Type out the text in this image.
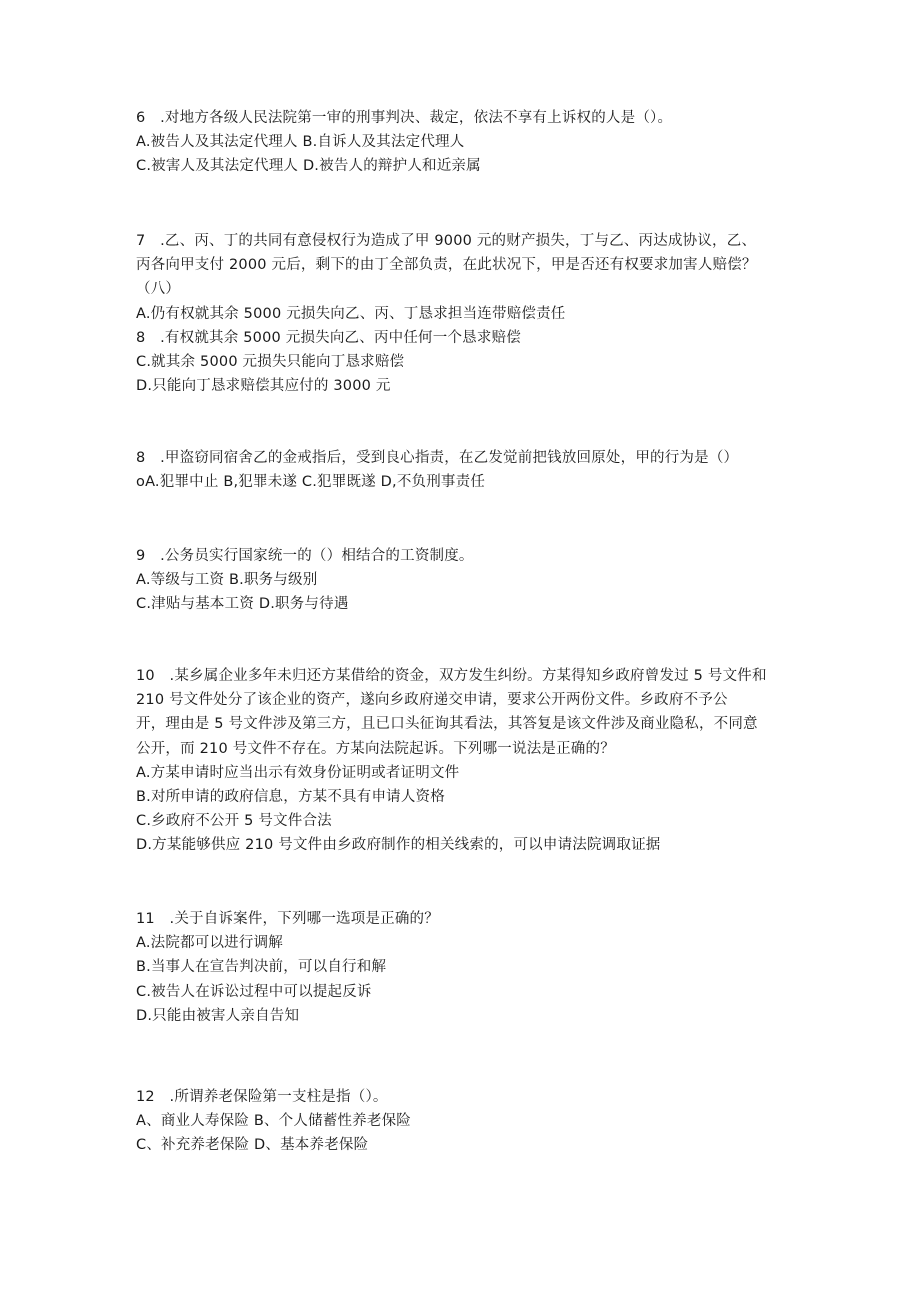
6　.对地方各级人民法院第一审的刑事判决、裁定，依法不享有上诉权的人是（）。
A.被告人及其法定代理人 B.自诉人及其法定代理人
C.被害人及其法定代理人 D.被告人的辩护人和近亲属
7　.乙、丙、丁的共同有意侵权行为造成了甲 9000 元的财产损失，丁与乙、丙达成协议，乙、
丙各向甲支付 2000 元后，剩下的由丁全部负责，在此状况下，甲是否还有权要求加害人赔偿？
（八）
A.仍有权就其余 5000 元损失向乙、丙、丁恳求担当连带赔偿责任
8　.有权就其余 5000 元损失向乙、丙中任何一个恳求赔偿
C.就其余 5000 元损失只能向丁恳求赔偿
D.只能向丁恳求赔偿其应付的 3000 元
8　.甲盗窃同宿舍乙的金戒指后，受到良心指责，在乙发觉前把钱放回原处，甲的行为是（）
oA.犯罪中止 B,犯罪未遂 C.犯罪既遂 D,不负刑事责任
9　.公务员实行国家统一的（）相结合的工资制度。
A.等级与工资 B.职务与级别
C.津贴与基本工资 D.职务与待遇
10　.某乡属企业多年未归还方某借给的资金，双方发生纠纷。方某得知乡政府曾发过 5 号文件和
210 号文件处分了该企业的资产，遂向乡政府递交申请，要求公开两份文件。乡政府不予公
开，理由是 5 号文件涉及第三方，且已口头征询其看法，其答复是该文件涉及商业隐私，不同意
公开，而 210 号文件不存在。方某向法院起诉。下列哪一说法是正确的？
A.方某申请时应当出示有效身份证明或者证明文件
B.对所申请的政府信息，方某不具有申请人资格
C.乡政府不公开 5 号文件合法
D.方某能够供应 210 号文件由乡政府制作的相关线索的，可以申请法院调取证据
11　.关于自诉案件，下列哪一选项是正确的？
A.法院都可以进行调解
B.当事人在宣告判决前，可以自行和解
C.被告人在诉讼过程中可以提起反诉
D.只能由被害人亲自告知
12　.所谓养老保险第一支柱是指（）。
A、商业人寿保险 B、个人储蓄性养老保险
C、补充养老保险 D、基本养老保险
